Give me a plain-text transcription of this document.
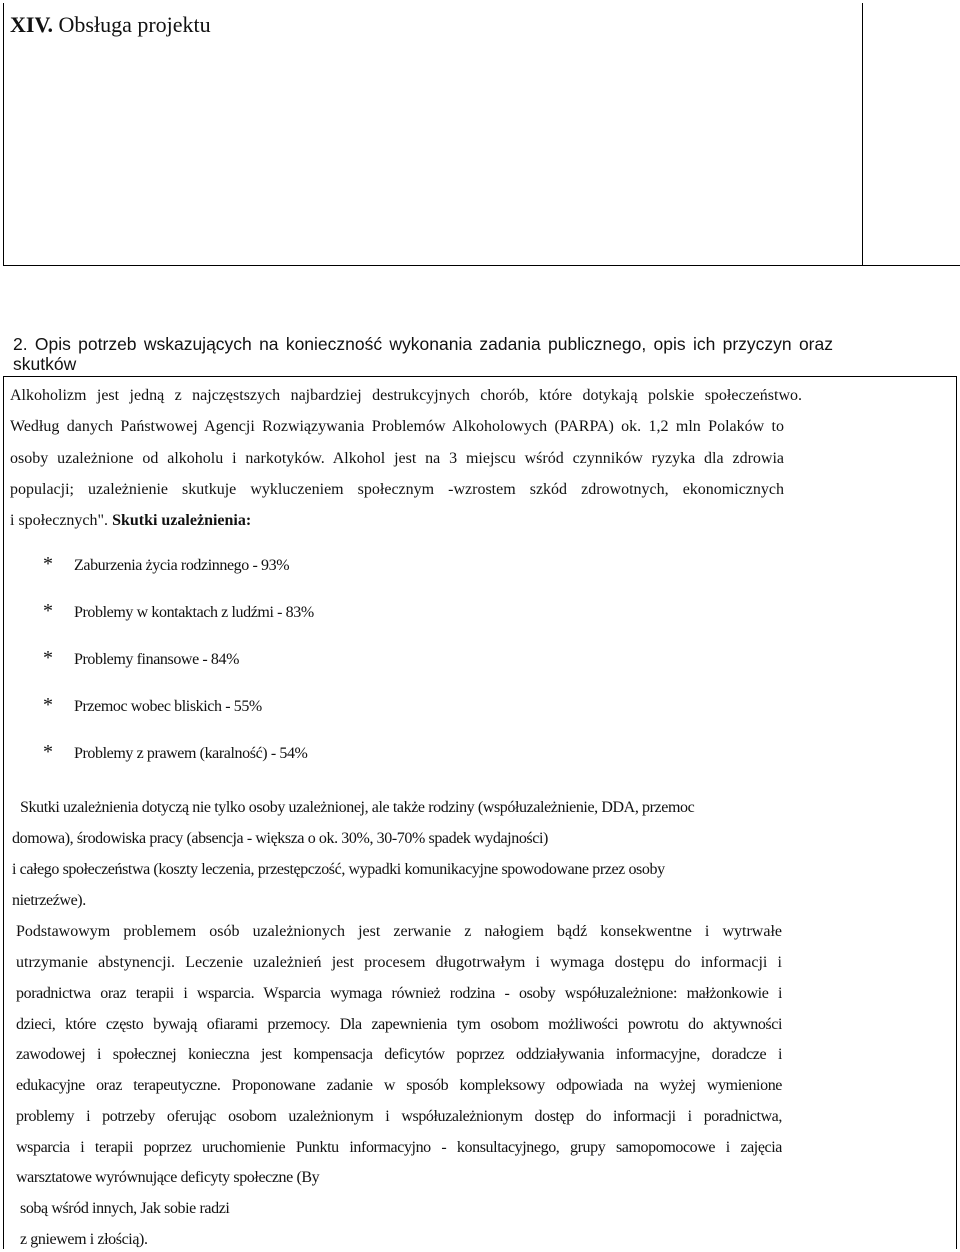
XIV. Obsługa projektu

2. Opis potrzeb wskazujących na konieczność wykonania zadania publicznego, opis ich przyczyn oraz skutków

Alkoholizm jest jedną z najczęstszych najbardziej destrukcyjnych chorób, które dotykają polskie społeczeństwo.
Według danych Państwowej Agencji Rozwiązywania Problemów Alkoholowych (PARPA) ok. 1,2 mln Polaków to
osoby uzależnione od alkoholu i narkotyków. Alkohol jest na 3 miejscu wśród czynników ryzyka dla zdrowia
populacji; uzależnienie skutkuje wykluczeniem społecznym -wzrostem szkód zdrowotnych, ekonomicznych
i społecznych". Skutki uzależnienia:
* Zaburzenia życia rodzinnego - 93%
* Problemy w kontaktach z ludźmi - 83%
* Problemy finansowe - 84%
* Przemoc wobec bliskich - 55%
* Problemy z prawem (karalność) - 54%
Skutki uzależnienia dotyczą nie tylko osoby uzależnionej, ale także rodziny (współuzależnienie, DDA, przemoc
domowa), środowiska pracy (absencja - większa o ok. 30%, 30-70% spadek wydajności)
i całego społeczeństwa (koszty leczenia, przestępczość, wypadki komunikacyjne spowodowane przez osoby
nietrzeźwe).
Podstawowym problemem osób uzależnionych jest zerwanie z nałogiem bądź konsekwentne i wytrwałe
utrzymanie abstynencji. Leczenie uzależnień jest procesem długotrwałym i wymaga dostępu do informacji i
poradnictwa oraz terapii i wsparcia. Wsparcia wymaga również rodzina - osoby współuzależnione: małżonkowie i
dzieci, które często bywają ofiarami przemocy. Dla zapewnienia tym osobom możliwości powrotu do aktywności
zawodowej i społecznej konieczna jest kompensacja deficytów poprzez oddziaływania informacyjne, doradcze i
edukacyjne oraz terapeutyczne. Proponowane zadanie w sposób kompleksowy odpowiada na wyżej wymienione
problemy i potrzeby oferując osobom uzależnionym i współuzależnionym dostęp do informacji i poradnictwa,
wsparcia i terapii poprzez uruchomienie Punktu informacyjno - konsultacyjnego, grupy samopomocowe i zajęcia
warsztatowe wyrównujące deficyty społeczne (By
sobą wśród innych, Jak sobie radzi
z gniewem i złością).
